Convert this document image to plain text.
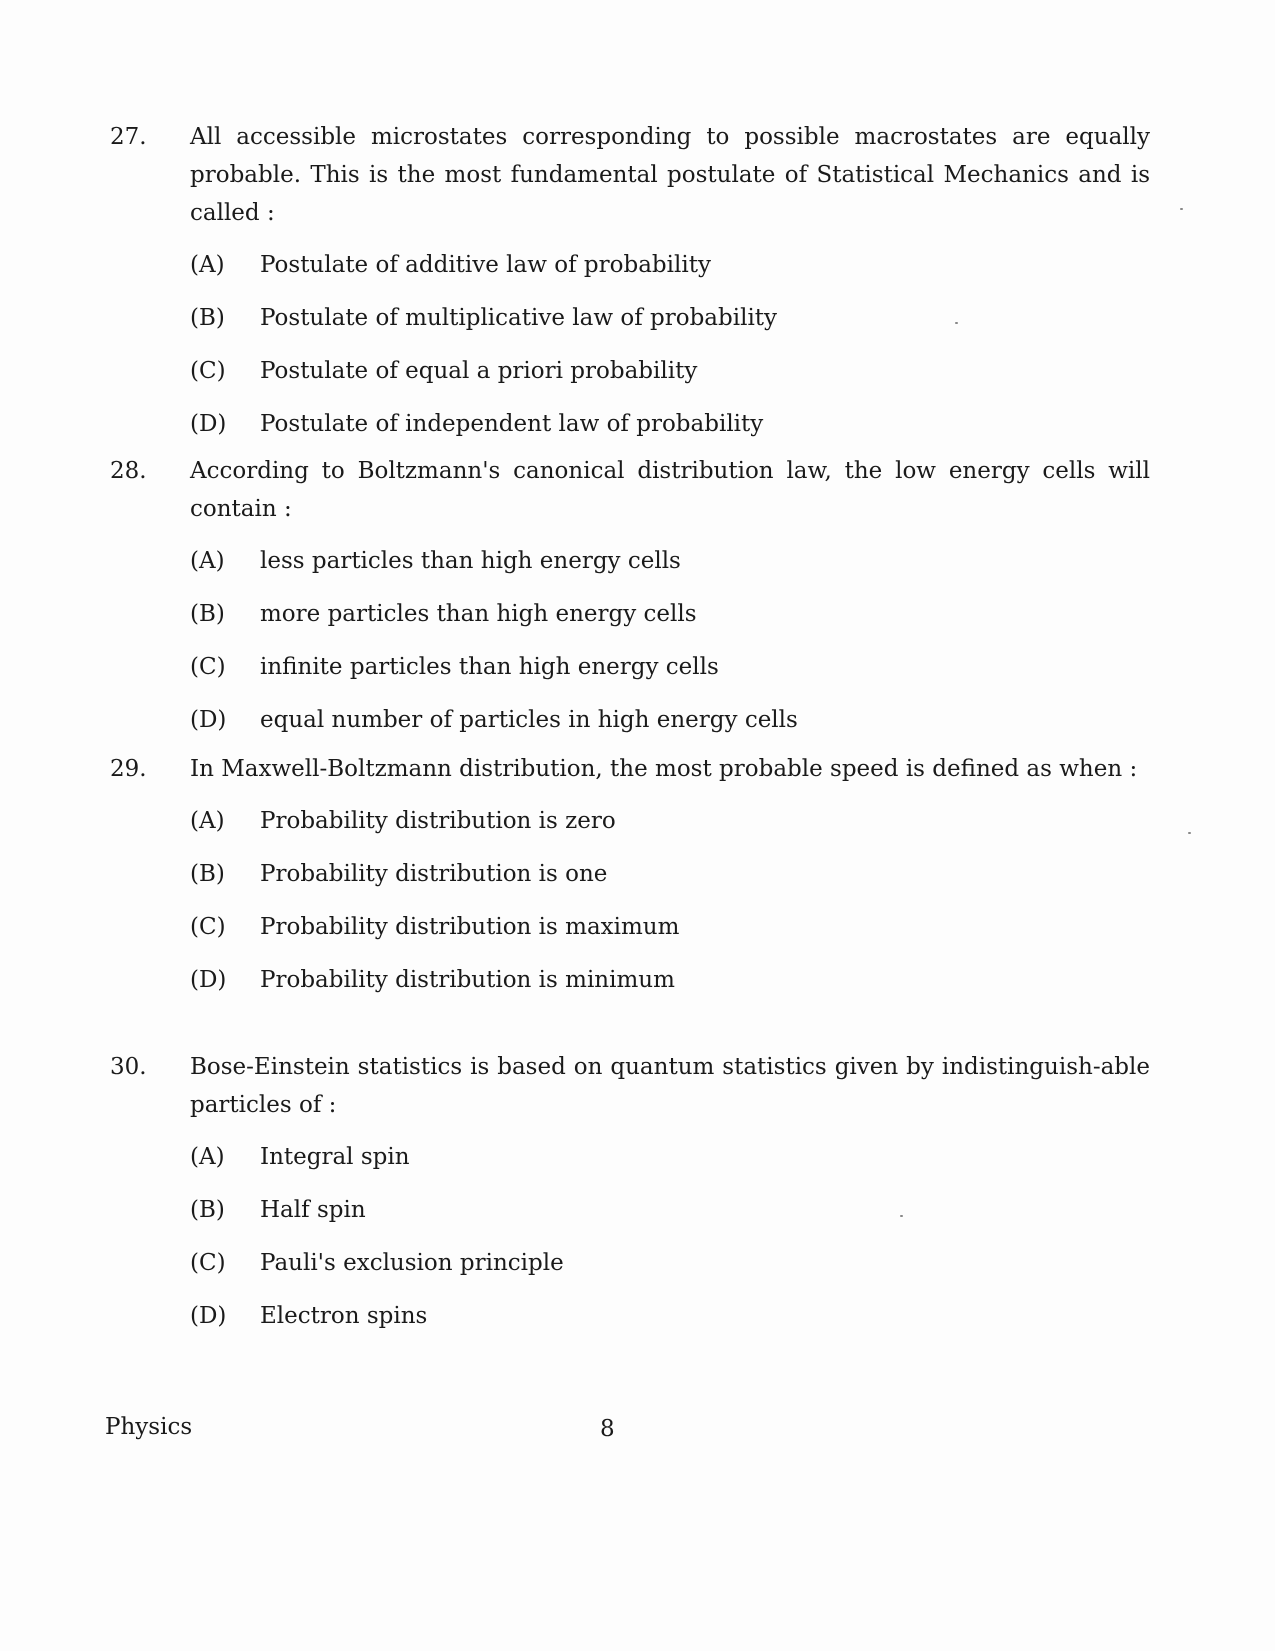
27.	All accessible microstates corresponding to possible macrostates are equally probable. This is the most fundamental postulate of Statistical Mechanics and is called :
(A)	Postulate of additive law of probability
(B)	Postulate of multiplicative law of probability
(C)	Postulate of equal a priori probability
(D)	Postulate of independent law of probability
28.	According to Boltzmann's canonical distribution law, the low energy cells will contain :
(A)	less particles than high energy cells
(B)	more particles than high energy cells
(C)	infinite particles than high energy cells
(D)	equal number of particles in high energy cells
29.	In Maxwell-Boltzmann distribution, the most probable speed is defined as when :
(A)	Probability distribution is zero
(B)	Probability distribution is one
(C)	Probability distribution is maximum
(D)	Probability distribution is minimum
30.	Bose-Einstein statistics is based on quantum statistics given by indistinguish-able particles of :
(A)	Integral spin
(B)	Half spin
(C)	Pauli's exclusion principle
(D)	Electron spins
Physics	8
